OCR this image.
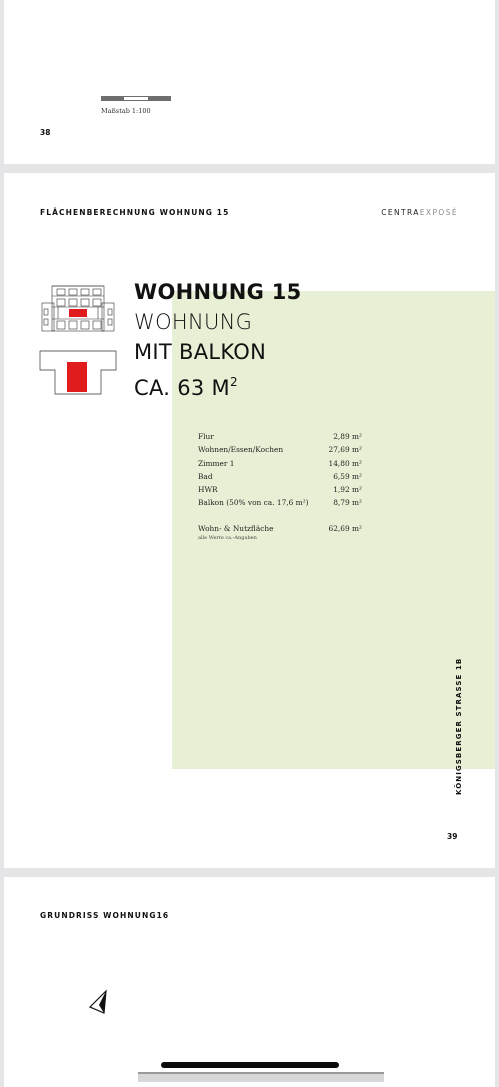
Maßstab 1:100
38
FLÄCHENBERECHNUNG WOHNUNG 15	CENTRAEXPOSÉ
WOHNUNG 15
WOHNUNG
MIT BALKON
CA. 63 $M^2$
Flur	2,89 m²
Wohnen/Essen/Kochen	27,69 m²
Zimmer 1	14,80 m²
Bad	6,59 m²
HWR	1,92 m²
Balkon (50% von ca. 17,6 m²)	8,79 m²
Wohn- & Nutzfläche	62,69 m²
alle Werte ca.-Angaben
KÖNIGSBERGER STRASSE 1B
39
GRUNDRISS WOHNUNG16
